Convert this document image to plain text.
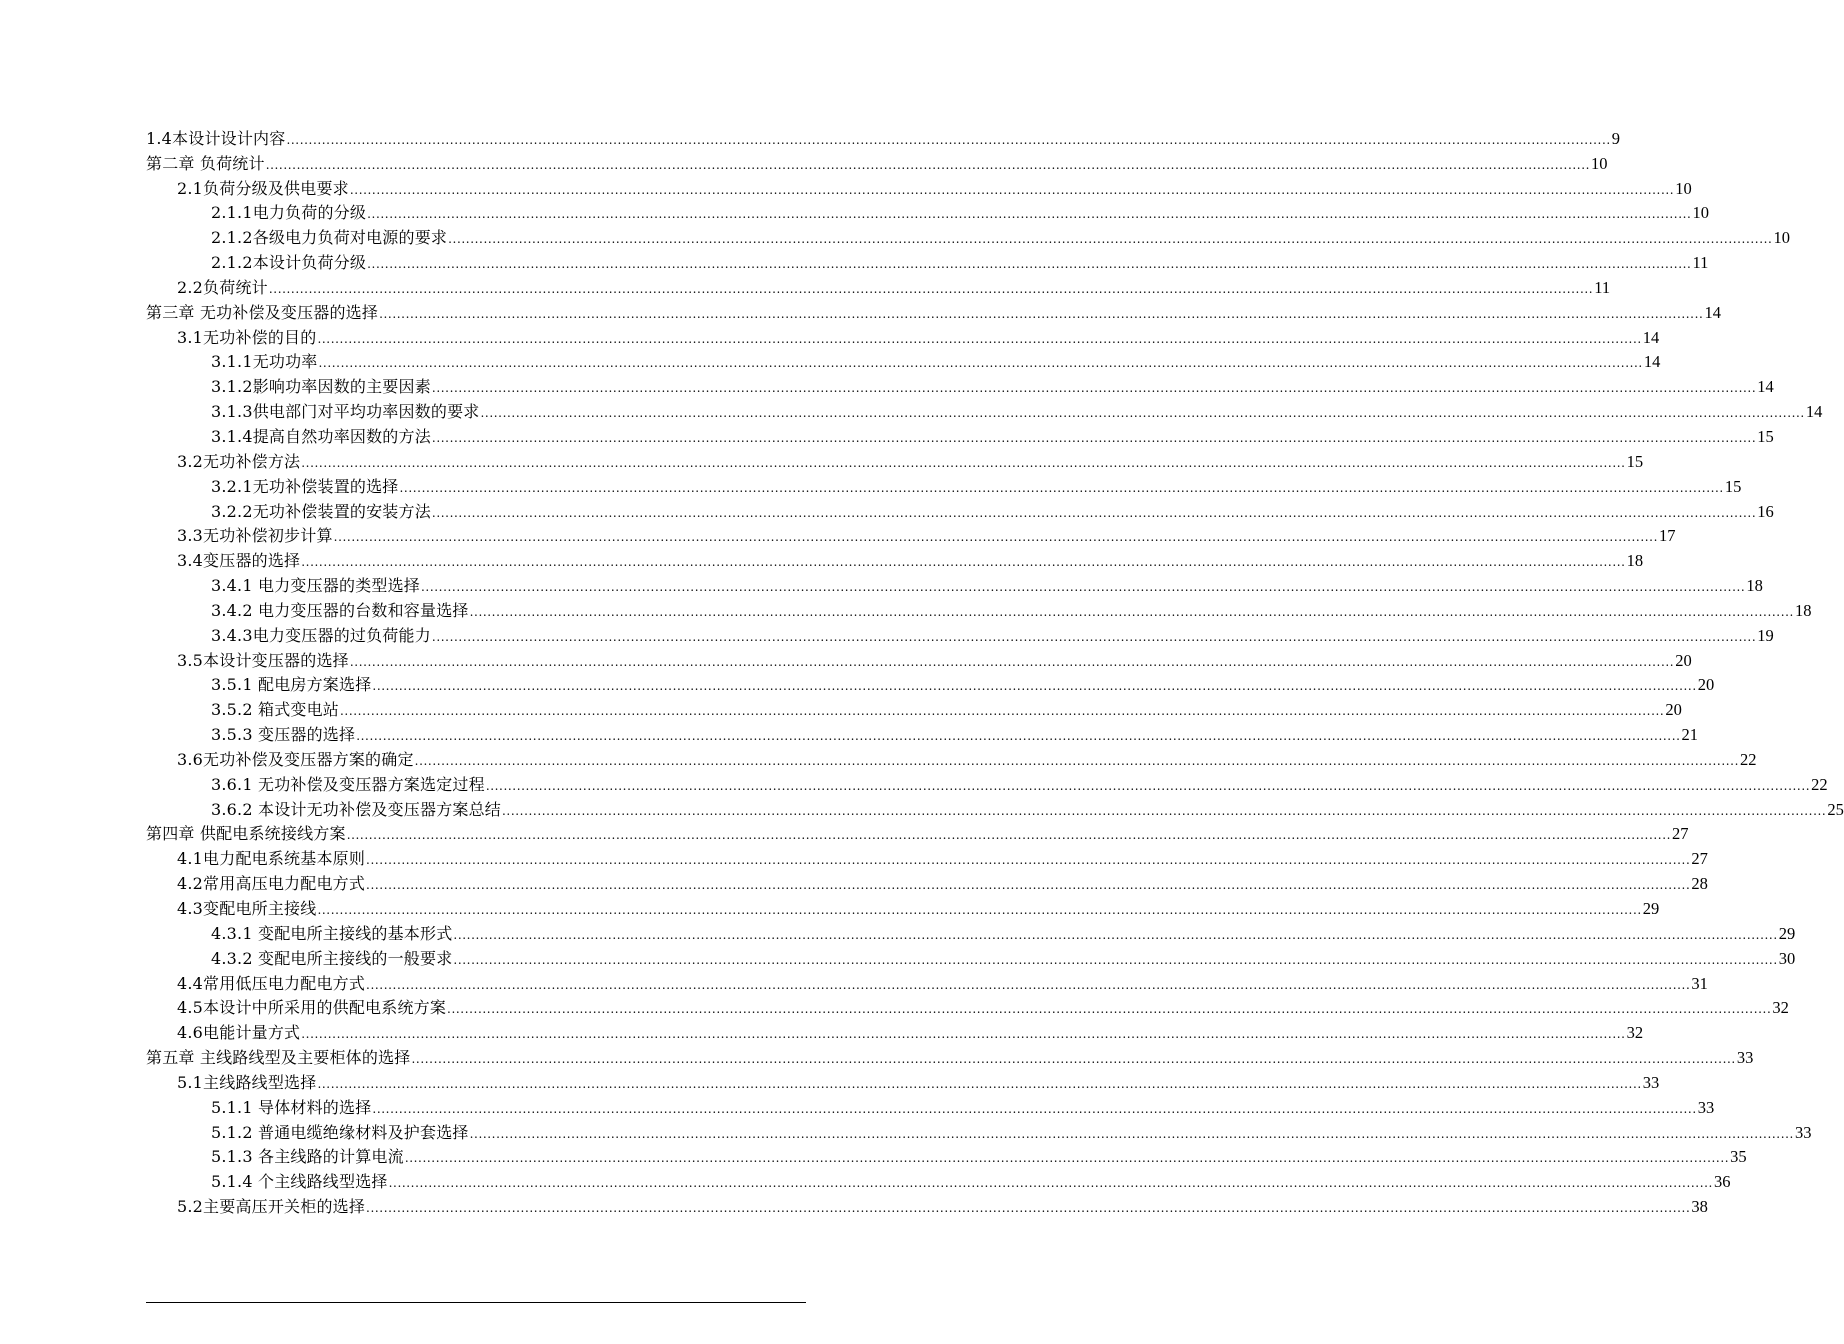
1.4本设计设计内容 ............................................................................................................................................................................................................................................................................................................ 9
第二章 负荷统计 ............................................................................................................................................................................................................................................................................................................ 10
2.1负荷分级及供电要求 ............................................................................................................................................................................................................................................................................................................ 10
2.1.1电力负荷的分级 ............................................................................................................................................................................................................................................................................................................ 10
2.1.2各级电力负荷对电源的要求 ............................................................................................................................................................................................................................................................................................................ 10
2.1.2本设计负荷分级 ............................................................................................................................................................................................................................................................................................................ 11
2.2负荷统计 ............................................................................................................................................................................................................................................................................................................ 11
第三章 无功补偿及变压器的选择 ............................................................................................................................................................................................................................................................................................................ 14
3.1无功补偿的目的 ............................................................................................................................................................................................................................................................................................................ 14
3.1.1无功功率 ............................................................................................................................................................................................................................................................................................................ 14
3.1.2影响功率因数的主要因素 ............................................................................................................................................................................................................................................................................................................ 14
3.1.3供电部门对平均功率因数的要求 ............................................................................................................................................................................................................................................................................................................ 14
3.1.4提高自然功率因数的方法 ............................................................................................................................................................................................................................................................................................................ 15
3.2无功补偿方法 ............................................................................................................................................................................................................................................................................................................ 15
3.2.1无功补偿装置的选择 ............................................................................................................................................................................................................................................................................................................ 15
3.2.2无功补偿装置的安装方法 ............................................................................................................................................................................................................................................................................................................ 16
3.3无功补偿初步计算 ............................................................................................................................................................................................................................................................................................................ 17
3.4变压器的选择 ............................................................................................................................................................................................................................................................................................................ 18
3.4.1 电力变压器的类型选择 ............................................................................................................................................................................................................................................................................................................ 18
3.4.2 电力变压器的台数和容量选择 ............................................................................................................................................................................................................................................................................................................ 18
3.4.3电力变压器的过负荷能力 ............................................................................................................................................................................................................................................................................................................ 19
3.5本设计变压器的选择 ............................................................................................................................................................................................................................................................................................................ 20
3.5.1 配电房方案选择 ............................................................................................................................................................................................................................................................................................................ 20
3.5.2 箱式变电站 ............................................................................................................................................................................................................................................................................................................ 20
3.5.3 变压器的选择 ............................................................................................................................................................................................................................................................................................................ 21
3.6无功补偿及变压器方案的确定 ............................................................................................................................................................................................................................................................................................................ 22
3.6.1 无功补偿及变压器方案选定过程 ............................................................................................................................................................................................................................................................................................................ 22
3.6.2 本设计无功补偿及变压器方案总结 ............................................................................................................................................................................................................................................................................................................ 25
第四章 供配电系统接线方案 ............................................................................................................................................................................................................................................................................................................ 27
4.1电力配电系统基本原则 ............................................................................................................................................................................................................................................................................................................ 27
4.2常用高压电力配电方式 ............................................................................................................................................................................................................................................................................................................ 28
4.3变配电所主接线 ............................................................................................................................................................................................................................................................................................................ 29
4.3.1 变配电所主接线的基本形式 ............................................................................................................................................................................................................................................................................................................ 29
4.3.2 变配电所主接线的一般要求 ............................................................................................................................................................................................................................................................................................................ 30
4.4常用低压电力配电方式 ............................................................................................................................................................................................................................................................................................................ 31
4.5本设计中所采用的供配电系统方案 ............................................................................................................................................................................................................................................................................................................ 32
4.6电能计量方式 ............................................................................................................................................................................................................................................................................................................ 32
第五章 主线路线型及主要柜体的选择 ............................................................................................................................................................................................................................................................................................................ 33
5.1主线路线型选择 ............................................................................................................................................................................................................................................................................................................ 33
5.1.1 导体材料的选择 ............................................................................................................................................................................................................................................................................................................ 33
5.1.2 普通电缆绝缘材料及护套选择 ............................................................................................................................................................................................................................................................................................................ 33
5.1.3 各主线路的计算电流 ............................................................................................................................................................................................................................................................................................................ 35
5.1.4 个主线路线型选择 ............................................................................................................................................................................................................................................................................................................ 36
5.2主要高压开关柜的选择 ............................................................................................................................................................................................................................................................................................................ 38
